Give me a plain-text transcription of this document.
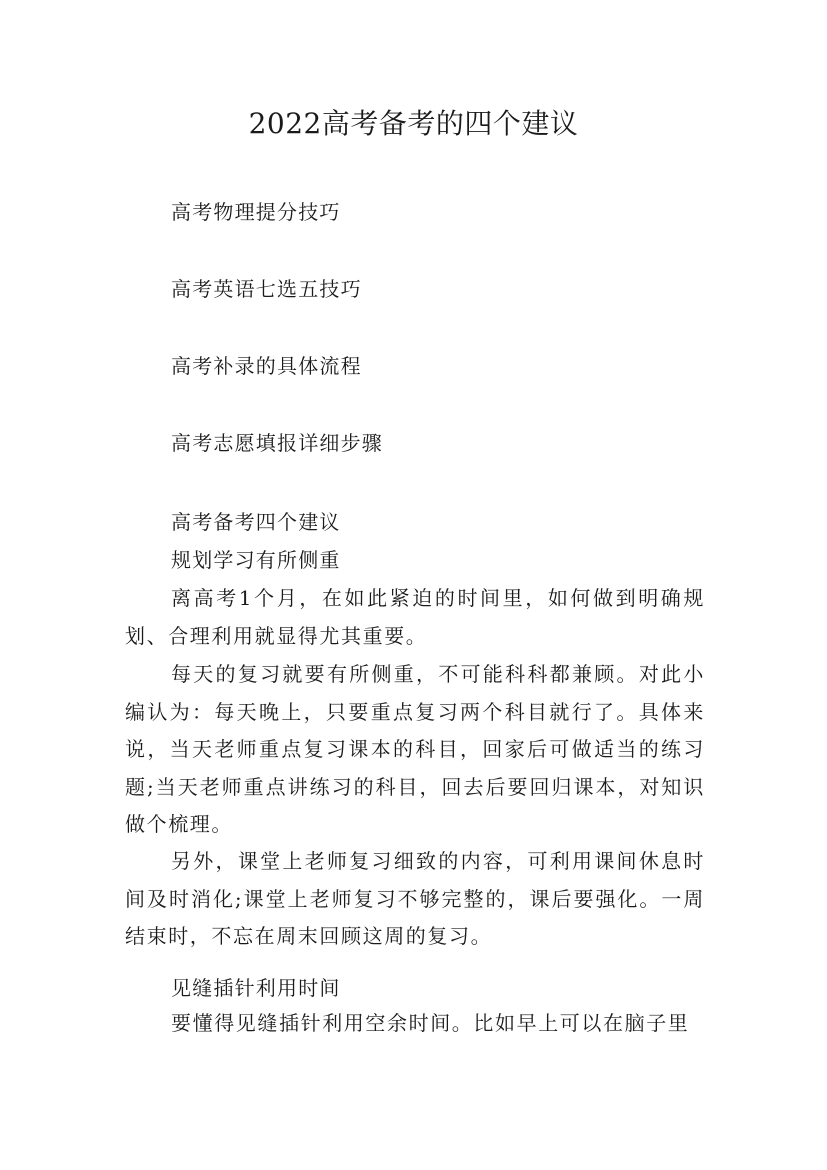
2022高考备考的四个建议
高考物理提分技巧
高考英语七选五技巧
高考补录的具体流程
高考志愿填报详细步骤
高考备考四个建议
规划学习有所侧重

离高考1个月，在如此紧迫的时间里，如何做到明确规划、合理利用就显得尤其重要。

每天的复习就要有所侧重，不可能科科都兼顾。对此小编认为：每天晚上，只要重点复习两个科目就行了。具体来说，当天老师重点复习课本的科目，回家后可做适当的练习题;当天老师重点讲练习的科目，回去后要回归课本，对知识做个梳理。

另外，课堂上老师复习细致的内容，可利用课间休息时间及时消化;课堂上老师复习不够完整的，课后要强化。一周结束时，不忘在周末回顾这周的复习。

见缝插针利用时间

要懂得见缝插针利用空余时间。比如早上可以在脑子里
